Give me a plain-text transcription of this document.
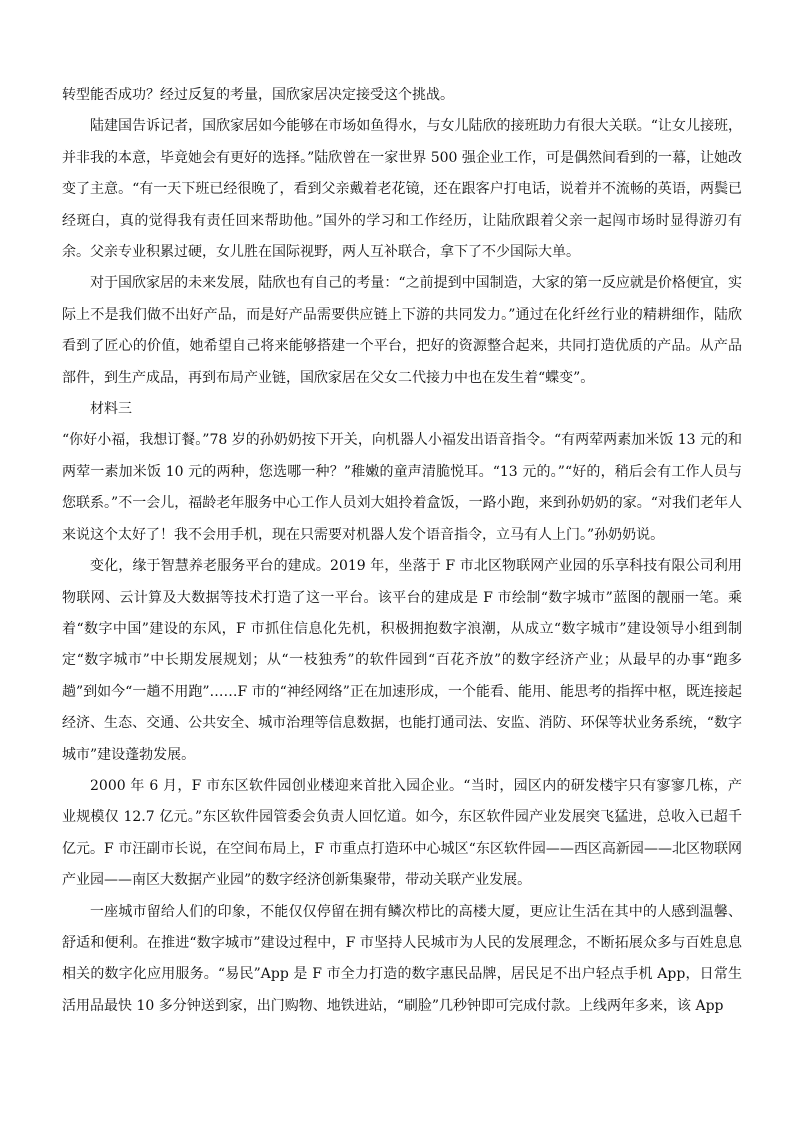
转型能否成功？经过反复的考量，国欣家居决定接受这个挑战。

陆建国告诉记者，国欣家居如今能够在市场如鱼得水，与女儿陆欣的接班助力有很大关联。“让女儿接班，并非我的本意，毕竟她会有更好的选择。”陆欣曾在一家世界 500 强企业工作，可是偶然间看到的一幕，让她改变了主意。“有一天下班已经很晚了，看到父亲戴着老花镜，还在跟客户打电话，说着并不流畅的英语，两鬓已经斑白，真的觉得我有责任回来帮助他。”国外的学习和工作经历，让陆欣跟着父亲一起闯市场时显得游刃有余。父亲专业积累过硬，女儿胜在国际视野，两人互补联合，拿下了不少国际大单。

对于国欣家居的未来发展，陆欣也有自己的考量：“之前提到中国制造，大家的第一反应就是价格便宜，实际上不是我们做不出好产品，而是好产品需要供应链上下游的共同发力。”通过在化纤丝行业的精耕细作，陆欣看到了匠心的价值，她希望自己将来能够搭建一个平台，把好的资源整合起来，共同打造优质的产品。从产品部件，到生产成品，再到布局产业链，国欣家居在父女二代接力中也在发生着“蝶变”。

材料三

“你好小福，我想订餐。”78 岁的孙奶奶按下开关，向机器人小福发出语音指令。“有两荤两素加米饭 13 元的和两荤一素加米饭 10 元的两种，您选哪一种？”稚嫩的童声清脆悦耳。“13 元的。”“好的，稍后会有工作人员与您联系。”不一会儿，福龄老年服务中心工作人员刘大姐拎着盒饭，一路小跑，来到孙奶奶的家。“对我们老年人来说这个太好了！我不会用手机，现在只需要对机器人发个语音指令，立马有人上门。”孙奶奶说。

变化，缘于智慧养老服务平台的建成。2019 年，坐落于 F 市北区物联网产业园的乐享科技有限公司利用物联网、云计算及大数据等技术打造了这一平台。该平台的建成是 F 市绘制“数字城市”蓝图的靓丽一笔。乘着“数字中国”建设的东风，F 市抓住信息化先机，积极拥抱数字浪潮，从成立“数字城市”建设领导小组到制定“数字城市”中长期发展规划；从“一枝独秀”的软件园到“百花齐放”的数字经济产业；从最早的办事“跑多趟”到如今“一趟不用跑”……F 市的“神经网络”正在加速形成，一个能看、能用、能思考的指挥中枢，既连接起经济、生态、交通、公共安全、城市治理等信息数据，也能打通司法、安监、消防、环保等状业务系统，“数字城市”建设蓬勃发展。

2000 年 6 月，F 市东区软件园创业楼迎来首批入园企业。“当时，园区内的研发楼宇只有寥寥几栋，产业规模仅 12.7 亿元。”东区软件园管委会负责人回忆道。如今，东区软件园产业发展突飞猛进，总收入已超千亿元。F 市汪副市长说，在空间布局上，F 市重点打造环中心城区“东区软件园——西区高新园——北区物联网产业园——南区大数据产业园”的数字经济创新集聚带，带动关联产业发展。

一座城市留给人们的印象，不能仅仅停留在拥有鳞次栉比的高楼大厦，更应让生活在其中的人感到温馨、舒适和便利。在推进“数字城市”建设过程中，F 市坚持人民城市为人民的发展理念，不断拓展众多与百姓息息相关的数字化应用服务。“易民”App 是 F 市全力打造的数字惠民品牌，居民足不出户轻点手机 App，日常生活用品最快 10 多分钟送到家，出门购物、地铁进站，“刷脸”几秒钟即可完成付款。上线两年多来，该 App
